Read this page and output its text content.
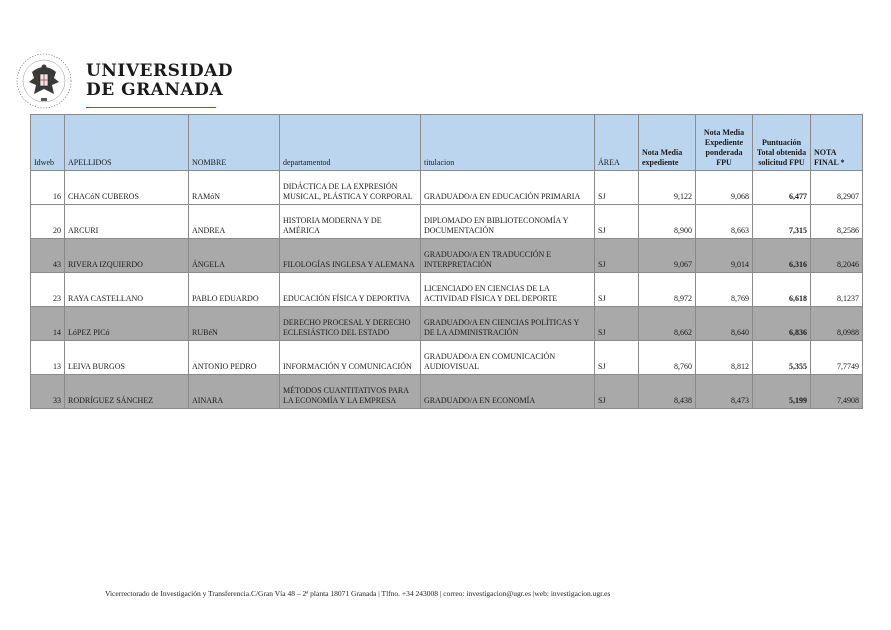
UNIVERSIDAD
DE GRANADA
Idweb	APELLIDOS	NOMBRE	departamentod	titulacion	ÁREA	Nota Media expediente	Nota Media Expediente ponderada FPU	Puntuación Total obtenida solicitud FPU	NOTA FINAL *
16	CHACóN CUBEROS	RAMóN	DIDÁCTICA DE LA EXPRESIÓN MUSICAL, PLÁSTICA Y CORPORAL	GRADUADO/A EN EDUCACIÓN PRIMARIA	SJ	9,122	9,068	6,477	8,2907
20	ARCURI	ANDREA	HISTORIA MODERNA Y DE AMÉRICA	DIPLOMADO EN BIBLIOTECONOMÍA Y DOCUMENTACIÓN	SJ	8,900	8,663	7,315	8,2586
43	RIVERA IZQUIERDO	ÁNGELA	FILOLOGÍAS INGLESA Y ALEMANA	GRADUADO/A EN TRADUCCIÓN E INTERPRETACIÓN	SJ	9,067	9,014	6,316	8,2046
23	RAYA CASTELLANO	PABLO EDUARDO	EDUCACIÓN FÍSICA Y DEPORTIVA	LICENCIADO EN CIENCIAS DE LA ACTIVIDAD FÍSICA Y DEL DEPORTE	SJ	8,972	8,769	6,618	8,1237
14	LóPEZ PICó	RUBéN	DERECHO PROCESAL Y DERECHO ECLESIÁSTICO DEL ESTADO	GRADUADO/A EN CIENCIAS POLÍTICAS Y DE LA ADMINISTRACIÓN	SJ	8,662	8,640	6,836	8,0988
13	LEIVA BURGOS	ANTONIO PEDRO	INFORMACIÓN Y COMUNICACIÓN	GRADUADO/A EN COMUNICACIÓN AUDIOVISUAL	SJ	8,760	8,812	5,355	7,7749
33	RODRÍGUEZ SÁNCHEZ	AINARA	MÉTODOS CUANTITATIVOS PARA LA ECONOMÍA Y LA EMPRESA	GRADUADO/A EN ECONOMÍA	SJ	8,438	8,473	5,199	7,4908
Vicerrectorado de Investigación y Transferencia.C/Gran Vía 48 – 2ª planta 18071 Granada | Tlfno. +34 243008 | correo: investigacion@ugr.es |web: investigacion.ugr.es
